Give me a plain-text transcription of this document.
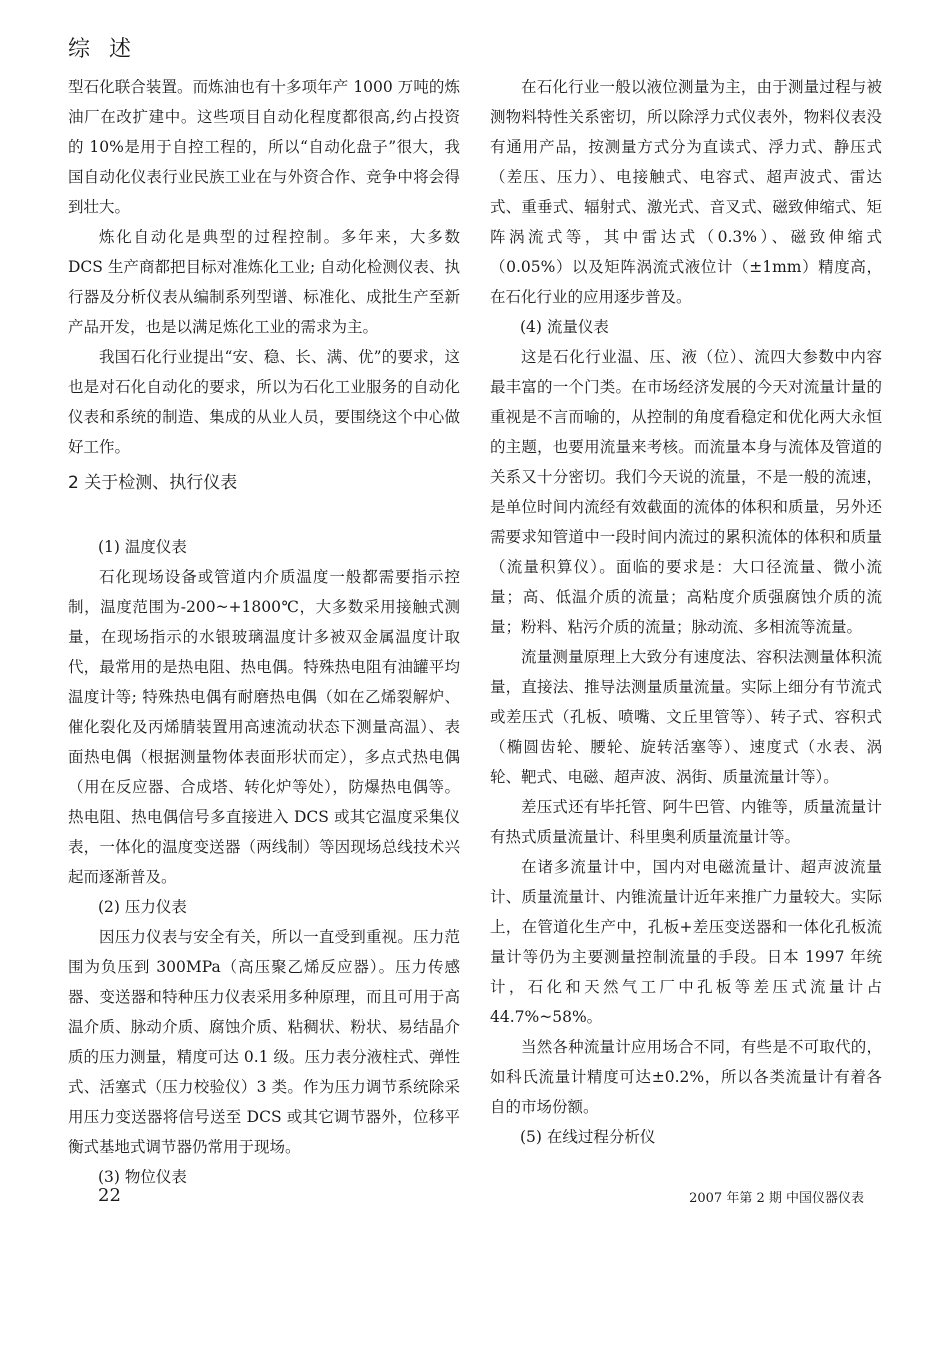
综 述

型石化联合装置。而炼油也有十多项年产 1000 万吨的炼油厂在改扩建中。这些项目自动化程度都很高,约占投资的 10%是用于自控工程的，所以“自动化盘子”很大，我国自动化仪表行业民族工业在与外资合作、竞争中将会得到壮大。

炼化自动化是典型的过程控制。多年来，大多数 DCS 生产商都把目标对准炼化工业; 自动化检测仪表、执行器及分析仪表从编制系列型谱、标准化、成批生产至新产品开发，也是以满足炼化工业的需求为主。

我国石化行业提出“安、稳、长、满、优”的要求，这也是对石化自动化的要求，所以为石化工业服务的自动化仪表和系统的制造、集成的从业人员，要围绕这个中心做好工作。

2 关于检测、执行仪表
(1) 温度仪表

石化现场设备或管道内介质温度一般都需要指示控制，温度范围为-200~+1800℃，大多数采用接触式测量，在现场指示的水银玻璃温度计多被双金属温度计取代，最常用的是热电阻、热电偶。特殊热电阻有油罐平均温度计等; 特殊热电偶有耐磨热电偶（如在乙烯裂解炉、催化裂化及丙烯腈装置用高速流动状态下测量高温）、表面热电偶（根据测量物体表面形状而定），多点式热电偶 （用在反应器、合成塔、转化炉等处），防爆热电偶等。热电阻、热电偶信号多直接进入 DCS 或其它温度采集仪表，一体化的温度变送器（两线制）等因现场总线技术兴起而逐渐普及。

(2) 压力仪表

因压力仪表与安全有关，所以一直受到重视。压力范围为负压到 300MPa（高压聚乙烯反应器）。压力传感器、变送器和特种压力仪表采用多种原理，而且可用于高温介质、脉动介质、腐蚀介质、粘稠状、粉状、易结晶介质的压力测量，精度可达 0.1 级。压力表分液柱式、弹性式、活塞式（压力校验仪）3 类。作为压力调节系统除采用压力变送器将信号送至 DCS 或其它调节器外，位移平衡式基地式调节器仍常用于现场。

(3) 物位仪表

在石化行业一般以液位测量为主，由于测量过程与被测物料特性关系密切，所以除浮力式仪表外，物料仪表没有通用产品，按测量方式分为直读式、浮力式、静压式（差压、压力）、电接触式、电容式、超声波式、雷达式、重垂式、辐射式、激光式、音叉式、磁致伸缩式、矩阵涡流式等，其中雷达式（0.3%）、磁致伸缩式（0.05%）以及矩阵涡流式液位计（±1mm）精度高，在石化行业的应用逐步普及。

(4) 流量仪表

这是石化行业温、压、液（位）、流四大参数中内容最丰富的一个门类。在市场经济发展的今天对流量计量的重视是不言而喻的，从控制的角度看稳定和优化两大永恒的主题，也要用流量来考核。而流量本身与流体及管道的关系又十分密切。我们今天说的流量，不是一般的流速，是单位时间内流经有效截面的流体的体积和质量，另外还需要求知管道中一段时间内流过的累积流体的体积和质量（流量积算仪）。面临的要求是：大口径流量、微小流量；高、低温介质的流量；高粘度介质强腐蚀介质的流量；粉料、粘污介质的流量；脉动流、多相流等流量。

流量测量原理上大致分有速度法、容积法测量体积流量，直接法、推导法测量质量流量。实际上细分有节流式或差压式（孔板、喷嘴、文丘里管等）、转子式、容积式（椭圆齿轮、腰轮、旋转活塞等）、速度式（水表、涡轮、靶式、电磁、超声波、涡街、质量流量计等）。

差压式还有毕托管、阿牛巴管、内锥等，质量流量计有热式质量流量计、科里奥利质量流量计等。

在诸多流量计中，国内对电磁流量计、超声波流量计、质量流量计、内锥流量计近年来推广力量较大。实际上，在管道化生产中，孔板+差压变送器和一体化孔板流量计等仍为主要测量控制流量的手段。日本 1997 年统计，石化和天然气工厂中孔板等差压式流量计占 44.7%~58%。

当然各种流量计应用场合不同，有些是不可取代的，如科氏流量计精度可达±0.2%，所以各类流量计有着各自的市场份额。

(5) 在线过程分析仪
22	2007 年第 2 期 中国仪器仪表
